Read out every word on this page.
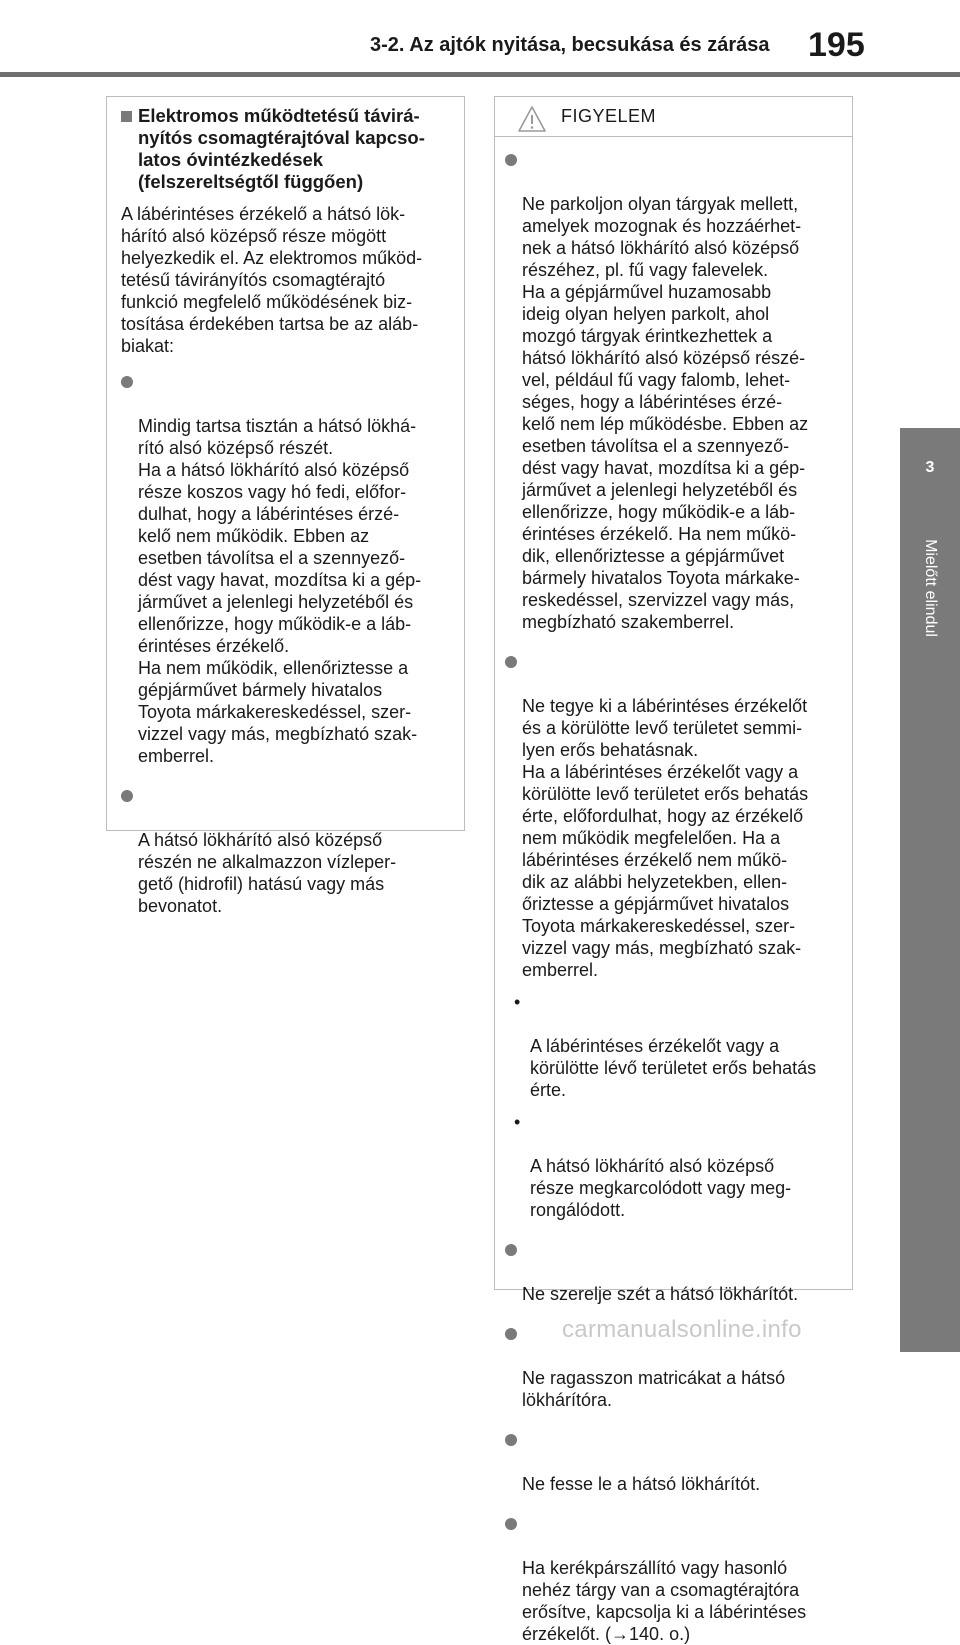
3-2. Az ajtók nyitása, becsukása és zárása	195
3
Mielőtt elindul
Elektromos működtetésű távirá-
nyítós csomagtérajtóval kapcso-
latos óvintézkedések
(felszereltségtől függően)
A lábérintéses érzékelő a hátsó lök-
hárító alsó középső része mögött
helyezkedik el. Az elektromos működ-
tetésű távirányítós csomagtérajtó
funkció megfelelő működésének biz-
tosítása érdekében tartsa be az aláb-
biakat:

Mindig tartsa tisztán a hátsó lökhá-
rító alsó középső részét.
Ha a hátsó lökhárító alsó középső
része koszos vagy hó fedi, előfor-
dulhat, hogy a lábérintéses érzé-
kelő nem működik. Ebben az
esetben távolítsa el a szennyező-
dést vagy havat, mozdítsa ki a gép-
járművet a jelenlegi helyzetéből és
ellenőrizze, hogy működik-e a láb-
érintéses érzékelő.
Ha nem működik, ellenőriztesse a
gépjárművet bármely hivatalos
Toyota márkakereskedéssel, szer-
vizzel vagy más, megbízható szak-
emberrel.

A hátsó lökhárító alsó középső
részén ne alkalmazzon vízleper-
gető (hidrofil) hatású vagy más
bevonatot.

FIGYELEM

Ne parkoljon olyan tárgyak mellett,
amelyek mozognak és hozzáérhet-
nek a hátsó lökhárító alsó középső
részéhez, pl. fű vagy falevelek.
Ha a gépjárművel huzamosabb
ideig olyan helyen parkolt, ahol
mozgó tárgyak érintkezhettek a
hátsó lökhárító alsó középső részé-
vel, például fű vagy falomb, lehet-
séges, hogy a lábérintéses érzé-
kelő nem lép működésbe. Ebben az
esetben távolítsa el a szennyező-
dést vagy havat, mozdítsa ki a gép-
járművet a jelenlegi helyzetéből és
ellenőrizze, hogy működik-e a láb-
érintéses érzékelő. Ha nem műkö-
dik, ellenőriztesse a gépjárművet
bármely hivatalos Toyota márkake-
reskedéssel, szervizzel vagy más,
megbízható szakemberrel.

Ne tegye ki a lábérintéses érzékelőt
és a körülötte levő területet semmi-
lyen erős behatásnak.
Ha a lábérintéses érzékelőt vagy a
körülötte levő területet erős behatás
érte, előfordulhat, hogy az érzékelő
nem működik megfelelően. Ha a
lábérintéses érzékelő nem műkö-
dik az alábbi helyzetekben, ellen-
őriztesse a gépjárművet hivatalos
Toyota márkakereskedéssel, szer-
vizzel vagy más, megbízható szak-
emberrel.

•

A lábérintéses érzékelőt vagy a
körülötte lévő területet erős behatás
érte.

•

A hátsó lökhárító alsó középső
része megkarcolódott vagy meg-
rongálódott.

Ne szerelje szét a hátsó lökhárítót.

Ne ragasszon matricákat a hátsó
lökhárítóra.

Ne fesse le a hátsó lökhárítót.

Ha kerékpárszállító vagy hasonló
nehéz tárgy van a csomagtérajtóra
erősítve, kapcsolja ki a lábérintéses
érzékelőt. (→140. o.)

carmanualsonline.info
